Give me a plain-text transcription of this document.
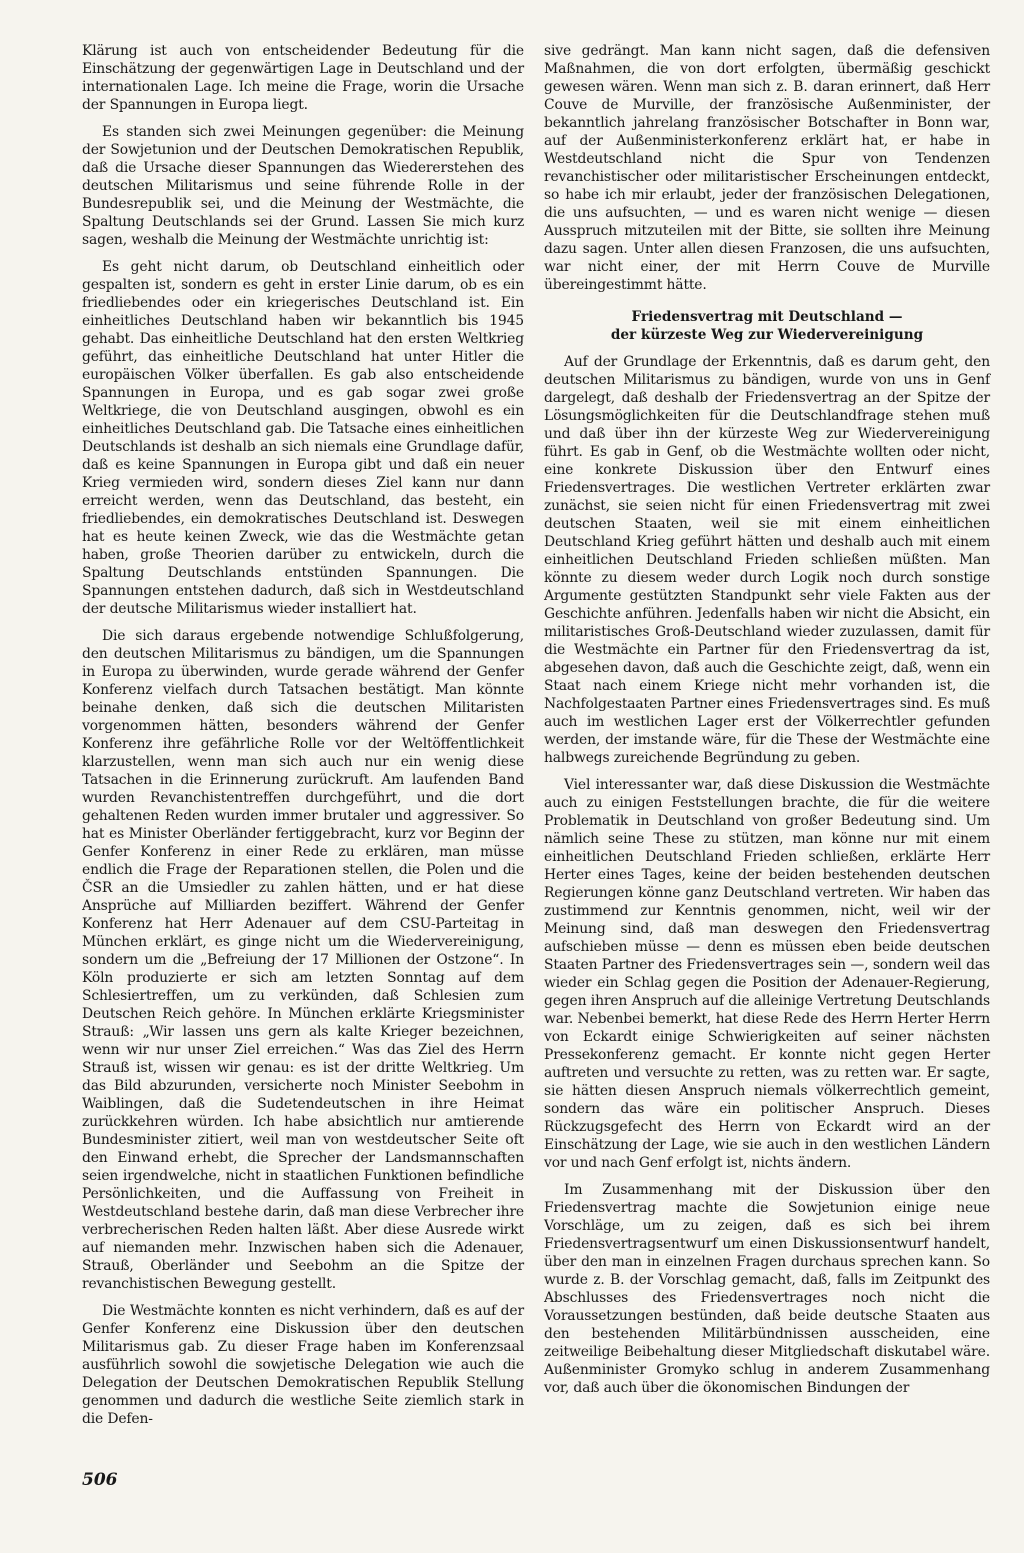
Klärung ist auch von entscheidender Bedeutung für die Einschätzung der gegenwärtigen Lage in Deutschland und der internationalen Lage. Ich meine die Frage, worin die Ursache der Spannungen in Europa liegt.

Es standen sich zwei Meinungen gegenüber: die Meinung der Sowjetunion und der Deutschen Demokratischen Republik, daß die Ursache dieser Spannungen das Wiedererstehen des deutschen Militarismus und seine führende Rolle in der Bundesrepublik sei, und die Meinung der Westmächte, die Spaltung Deutschlands sei der Grund. Lassen Sie mich kurz sagen, weshalb die Meinung der Westmächte unrichtig ist:

Es geht nicht darum, ob Deutschland einheitlich oder gespalten ist, sondern es geht in erster Linie darum, ob es ein friedliebendes oder ein kriegerisches Deutschland ist. Ein einheitliches Deutschland haben wir bekanntlich bis 1945 gehabt. Das einheitliche Deutschland hat den ersten Weltkrieg geführt, das einheitliche Deutschland hat unter Hitler die europäischen Völker überfallen. Es gab also entscheidende Spannungen in Europa, und es gab sogar zwei große Weltkriege, die von Deutschland ausgingen, obwohl es ein einheitliches Deutschland gab. Die Tatsache eines einheitlichen Deutschlands ist deshalb an sich niemals eine Grundlage dafür, daß es keine Spannungen in Europa gibt und daß ein neuer Krieg vermieden wird, sondern dieses Ziel kann nur dann erreicht werden, wenn das Deutschland, das besteht, ein friedliebendes, ein demokratisches Deutschland ist. Deswegen hat es heute keinen Zweck, wie das die Westmächte getan haben, große Theorien darüber zu entwickeln, durch die Spaltung Deutschlands entstünden Spannungen. Die Spannungen entstehen dadurch, daß sich in Westdeutschland der deutsche Militarismus wieder installiert hat.

Die sich daraus ergebende notwendige Schlußfolgerung, den deutschen Militarismus zu bändigen, um die Spannungen in Europa zu überwinden, wurde gerade während der Genfer Konferenz vielfach durch Tatsachen bestätigt. Man könnte beinahe denken, daß sich die deutschen Militaristen vorgenommen hätten, besonders während der Genfer Konferenz ihre gefährliche Rolle vor der Weltöffentlichkeit klarzustellen, wenn man sich auch nur ein wenig diese Tatsachen in die Erinnerung zurückruft. Am laufenden Band wurden Revanchistentreffen durchgeführt, und die dort gehaltenen Reden wurden immer brutaler und aggressiver. So hat es Minister Oberländer fertiggebracht, kurz vor Beginn der Genfer Konferenz in einer Rede zu erklären, man müsse endlich die Frage der Reparationen stellen, die Polen und die ČSR an die Umsiedler zu zahlen hätten, und er hat diese Ansprüche auf Milliarden beziffert. Während der Genfer Konferenz hat Herr Adenauer auf dem CSU-Parteitag in München erklärt, es ginge nicht um die Wiedervereinigung, sondern um die „Befreiung der 17 Millionen der Ostzone“. In Köln produzierte er sich am letzten Sonntag auf dem Schlesiertreffen, um zu verkünden, daß Schlesien zum Deutschen Reich gehöre. In München erklärte Kriegsminister Strauß: „Wir lassen uns gern als kalte Krieger bezeichnen, wenn wir nur unser Ziel erreichen.“ Was das Ziel des Herrn Strauß ist, wissen wir genau: es ist der dritte Weltkrieg. Um das Bild abzurunden, versicherte noch Minister Seebohm in Waiblingen, daß die Sudetendeutschen in ihre Heimat zurückkehren würden. Ich habe absichtlich nur amtierende Bundesminister zitiert, weil man von westdeutscher Seite oft den Einwand erhebt, die Sprecher der Landsmannschaften seien irgendwelche, nicht in staatlichen Funktionen befindliche Persönlichkeiten, und die Auffassung von Freiheit in Westdeutschland bestehe darin, daß man diese Verbrecher ihre verbrecherischen Reden halten läßt. Aber diese Ausrede wirkt auf niemanden mehr. Inzwischen haben sich die Adenauer, Strauß, Oberländer und Seebohm an die Spitze der revanchistischen Bewegung gestellt.

Die Westmächte konnten es nicht verhindern, daß es auf der Genfer Konferenz eine Diskussion über den deutschen Militarismus gab. Zu dieser Frage haben im Konferenzsaal ausführlich sowohl die sowjetische Delegation wie auch die Delegation der Deutschen Demokratischen Republik Stellung genommen und dadurch die westliche Seite ziemlich stark in die Defen-

sive gedrängt. Man kann nicht sagen, daß die defensiven Maßnahmen, die von dort erfolgten, übermäßig geschickt gewesen wären. Wenn man sich z. B. daran erinnert, daß Herr Couve de Murville, der französische Außenminister, der bekanntlich jahrelang französischer Botschafter in Bonn war, auf der Außenministerkonferenz erklärt hat, er habe in Westdeutschland nicht die Spur von Tendenzen revanchistischer oder militaristischer Erscheinungen entdeckt, so habe ich mir erlaubt, jeder der französischen Delegationen, die uns aufsuchten, — und es waren nicht wenige — diesen Ausspruch mitzuteilen mit der Bitte, sie sollten ihre Meinung dazu sagen. Unter allen diesen Franzosen, die uns aufsuchten, war nicht einer, der mit Herrn Couve de Murville übereingestimmt hätte.

Friedensvertrag mit Deutschland —
der kürzeste Weg zur Wiedervereinigung

Auf der Grundlage der Erkenntnis, daß es darum geht, den deutschen Militarismus zu bändigen, wurde von uns in Genf dargelegt, daß deshalb der Friedensvertrag an der Spitze der Lösungsmöglichkeiten für die Deutschlandfrage stehen muß und daß über ihn der kürzeste Weg zur Wiedervereinigung führt. Es gab in Genf, ob die Westmächte wollten oder nicht, eine konkrete Diskussion über den Entwurf eines Friedensvertrages. Die westlichen Vertreter erklärten zwar zunächst, sie seien nicht für einen Friedensvertrag mit zwei deutschen Staaten, weil sie mit einem einheitlichen Deutschland Krieg geführt hätten und deshalb auch mit einem einheitlichen Deutschland Frieden schließen müßten. Man könnte zu diesem weder durch Logik noch durch sonstige Argumente gestützten Standpunkt sehr viele Fakten aus der Geschichte anführen. Jedenfalls haben wir nicht die Absicht, ein militaristisches Groß-Deutschland wieder zuzulassen, damit für die Westmächte ein Partner für den Friedensvertrag da ist, abgesehen davon, daß auch die Geschichte zeigt, daß, wenn ein Staat nach einem Kriege nicht mehr vorhanden ist, die Nachfolgestaaten Partner eines Friedensvertrages sind. Es muß auch im westlichen Lager erst der Völkerrechtler gefunden werden, der imstande wäre, für die These der Westmächte eine halbwegs zureichende Begründung zu geben.

Viel interessanter war, daß diese Diskussion die Westmächte auch zu einigen Feststellungen brachte, die für die weitere Problematik in Deutschland von großer Bedeutung sind. Um nämlich seine These zu stützen, man könne nur mit einem einheitlichen Deutschland Frieden schließen, erklärte Herr Herter eines Tages, keine der beiden bestehenden deutschen Regierungen könne ganz Deutschland vertreten. Wir haben das zustimmend zur Kenntnis genommen, nicht, weil wir der Meinung sind, daß man deswegen den Friedensvertrag aufschieben müsse — denn es müssen eben beide deutschen Staaten Partner des Friedensvertrages sein —, sondern weil das wieder ein Schlag gegen die Position der Adenauer-Regierung, gegen ihren Anspruch auf die alleinige Vertretung Deutschlands war. Nebenbei bemerkt, hat diese Rede des Herrn Herter Herrn von Eckardt einige Schwierigkeiten auf seiner nächsten Pressekonferenz gemacht. Er konnte nicht gegen Herter auftreten und versuchte zu retten, was zu retten war. Er sagte, sie hätten diesen Anspruch niemals völkerrechtlich gemeint, sondern das wäre ein politischer Anspruch. Dieses Rückzugsgefecht des Herrn von Eckardt wird an der Einschätzung der Lage, wie sie auch in den westlichen Ländern vor und nach Genf erfolgt ist, nichts ändern.

Im Zusammenhang mit der Diskussion über den Friedensvertrag machte die Sowjetunion einige neue Vorschläge, um zu zeigen, daß es sich bei ihrem Friedensvertragsentwurf um einen Diskussionsentwurf handelt, über den man in einzelnen Fragen durchaus sprechen kann. So wurde z. B. der Vorschlag gemacht, daß, falls im Zeitpunkt des Abschlusses des Friedensvertrages noch nicht die Voraussetzungen bestünden, daß beide deutsche Staaten aus den bestehenden Militärbündnissen ausscheiden, eine zeitweilige Beibehaltung dieser Mitgliedschaft diskutabel wäre. Außenminister Gromyko schlug in anderem Zusammenhang vor, daß auch über die ökonomischen Bindungen der

506
